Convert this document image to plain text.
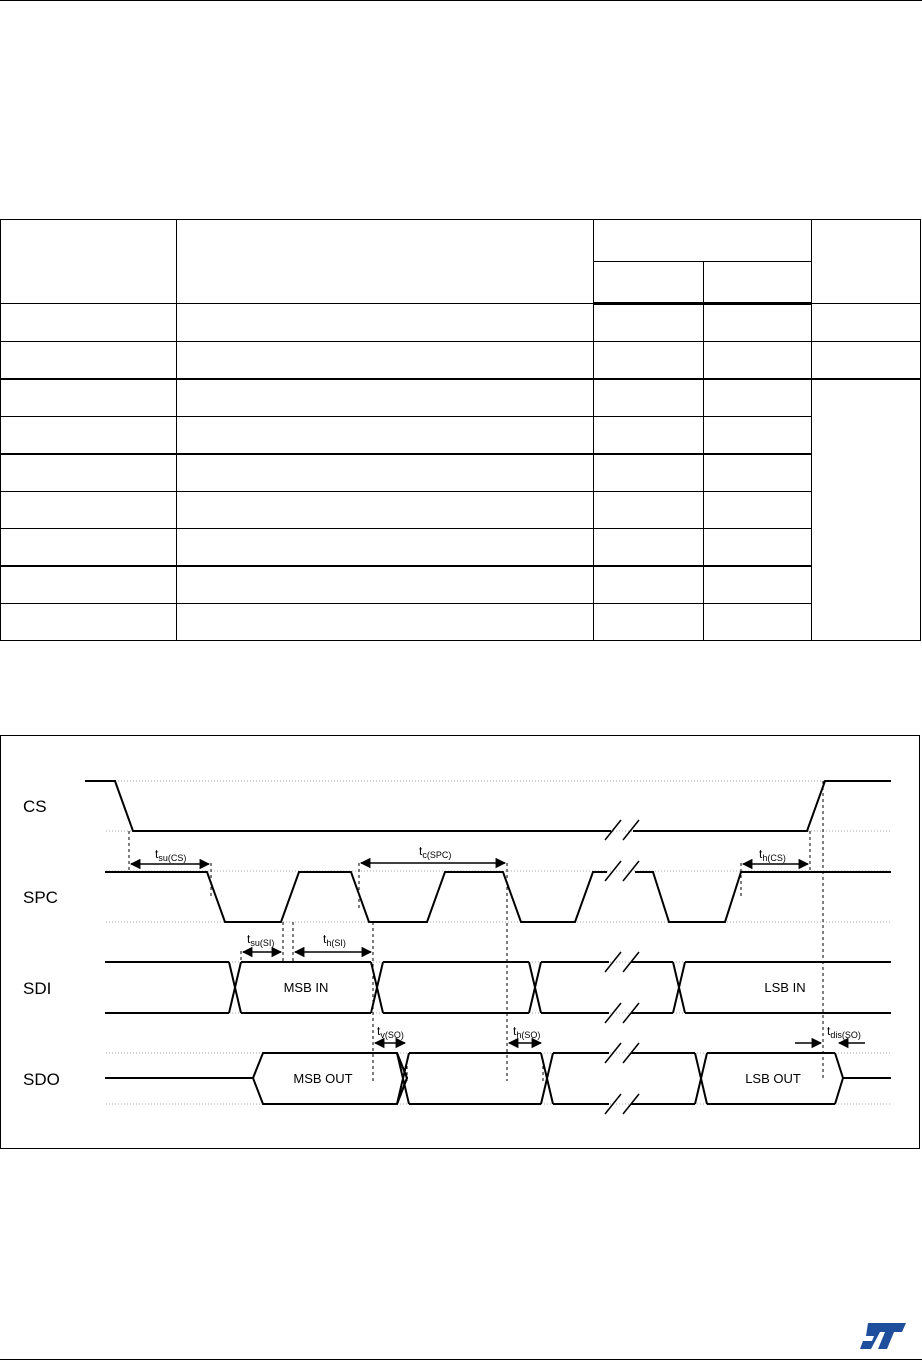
CS
SPC
SDI
SDO
MSB IN	LSB IN
MSB OUT	LSB OUT
$t_{su(CS)}$	$t_{c(SPC)}$	$t_{h(CS)}$
$t_{su(SI)}$	$t_{h(SI)}$
$t_{v(SO)}$	$t_{h(SO)}$	$t_{dis(SO)}$
